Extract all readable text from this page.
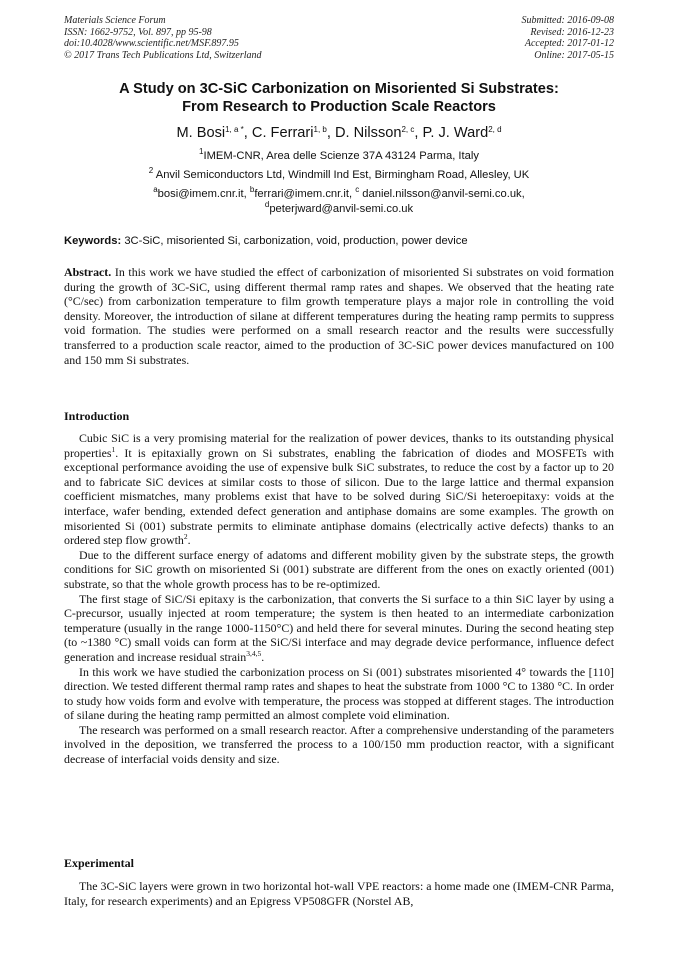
Materials Science Forum
ISSN: 1662-9752, Vol. 897, pp 95-98
doi:10.4028/www.scientific.net/MSF.897.95
© 2017 Trans Tech Publications Ltd, Switzerland
Submitted: 2016-09-08
Revised: 2016-12-23
Accepted: 2017-01-12
Online: 2017-05-15
A Study on 3C-SiC Carbonization on Misoriented Si Substrates:
From Research to Production Scale Reactors
M. Bosi$^{1, a *}$, C. Ferrari$^{1, b}$, D. Nilsson$^{2, c}$, P. J. Ward$^{2, d}$
$^1$IMEM-CNR, Area delle Scienze 37A 43124 Parma, Italy
$^2$ Anvil Semiconductors Ltd, Windmill Ind Est, Birmingham Road, Allesley, UK
$^a$bosi@imem.cnr.it, $^b$ferrari@imem.cnr.it, $^c$ daniel.nilsson@anvil-semi.co.uk,
$^d$peterjward@anvil-semi.co.uk
Keywords: 3C-SiC, misoriented Si, carbonization, void, production, power device

Abstract. In this work we have studied the effect of carbonization of misoriented Si substrates on void formation during the growth of 3C-SiC, using different thermal ramp rates and shapes. We observed that the heating rate (°C/sec) from carbonization temperature to film growth temperature plays a major role in controlling the void density. Moreover, the introduction of silane at different temperatures during the heating ramp permits to suppress void formation. The studies were performed on a small research reactor and the results were successfully transferred to a production scale reactor, aimed to the production of 3C-SiC power devices manufactured on 100 and 150 mm Si substrates.

Introduction

Cubic SiC is a very promising material for the realization of power devices, thanks to its outstanding physical properties$^1$. It is epitaxially grown on Si substrates, enabling the fabrication of diodes and MOSFETs with exceptional performance avoiding the use of expensive bulk SiC substrates, to reduce the cost by a factor up to 20 and to fabricate SiC devices at similar costs to those of silicon. Due to the large lattice and thermal expansion coefficient mismatches, many problems exist that have to be solved during SiC/Si heteroepitaxy: voids at the interface, wafer bending, extended defect generation and antiphase domains are some examples. The growth on misoriented Si (001) substrate permits to eliminate antiphase domains (electrically active defects) thanks to an ordered step flow growth$^2$.

Due to the different surface energy of adatoms and different mobility given by the substrate steps, the growth conditions for SiC growth on misoriented Si (001) substrate are different from the ones on exactly oriented (001) substrate, so that the whole growth process has to be re-optimized.

The first stage of SiC/Si epitaxy is the carbonization, that converts the Si surface to a thin SiC layer by using a C-precursor, usually injected at room temperature; the system is then heated to an intermediate carbonization temperature (usually in the range 1000-1150°C) and held there for several minutes. During the second heating step (to ~1380 °C) small voids can form at the SiC/Si interface and may degrade device performance, influence defect generation and increase residual strain$^{3,4,5}$.

In this work we have studied the carbonization process on Si (001) substrates misoriented 4° towards the [110] direction. We tested different thermal ramp rates and shapes to heat the substrate from 1000 °C to 1380 °C. In order to study how voids form and evolve with temperature, the process was stopped at different stages. The introduction of silane during the heating ramp permitted an almost complete void elimination.

The research was performed on a small research reactor. After a comprehensive understanding of the parameters involved in the deposition, we transferred the process to a 100/150 mm production reactor, with a significant decrease of interfacial voids density and size.

Experimental

The 3C-SiC layers were grown in two horizontal hot-wall VPE reactors: a home made one (IMEM-CNR Parma, Italy, for research experiments) and an Epigress VP508GFR (Norstel AB,
